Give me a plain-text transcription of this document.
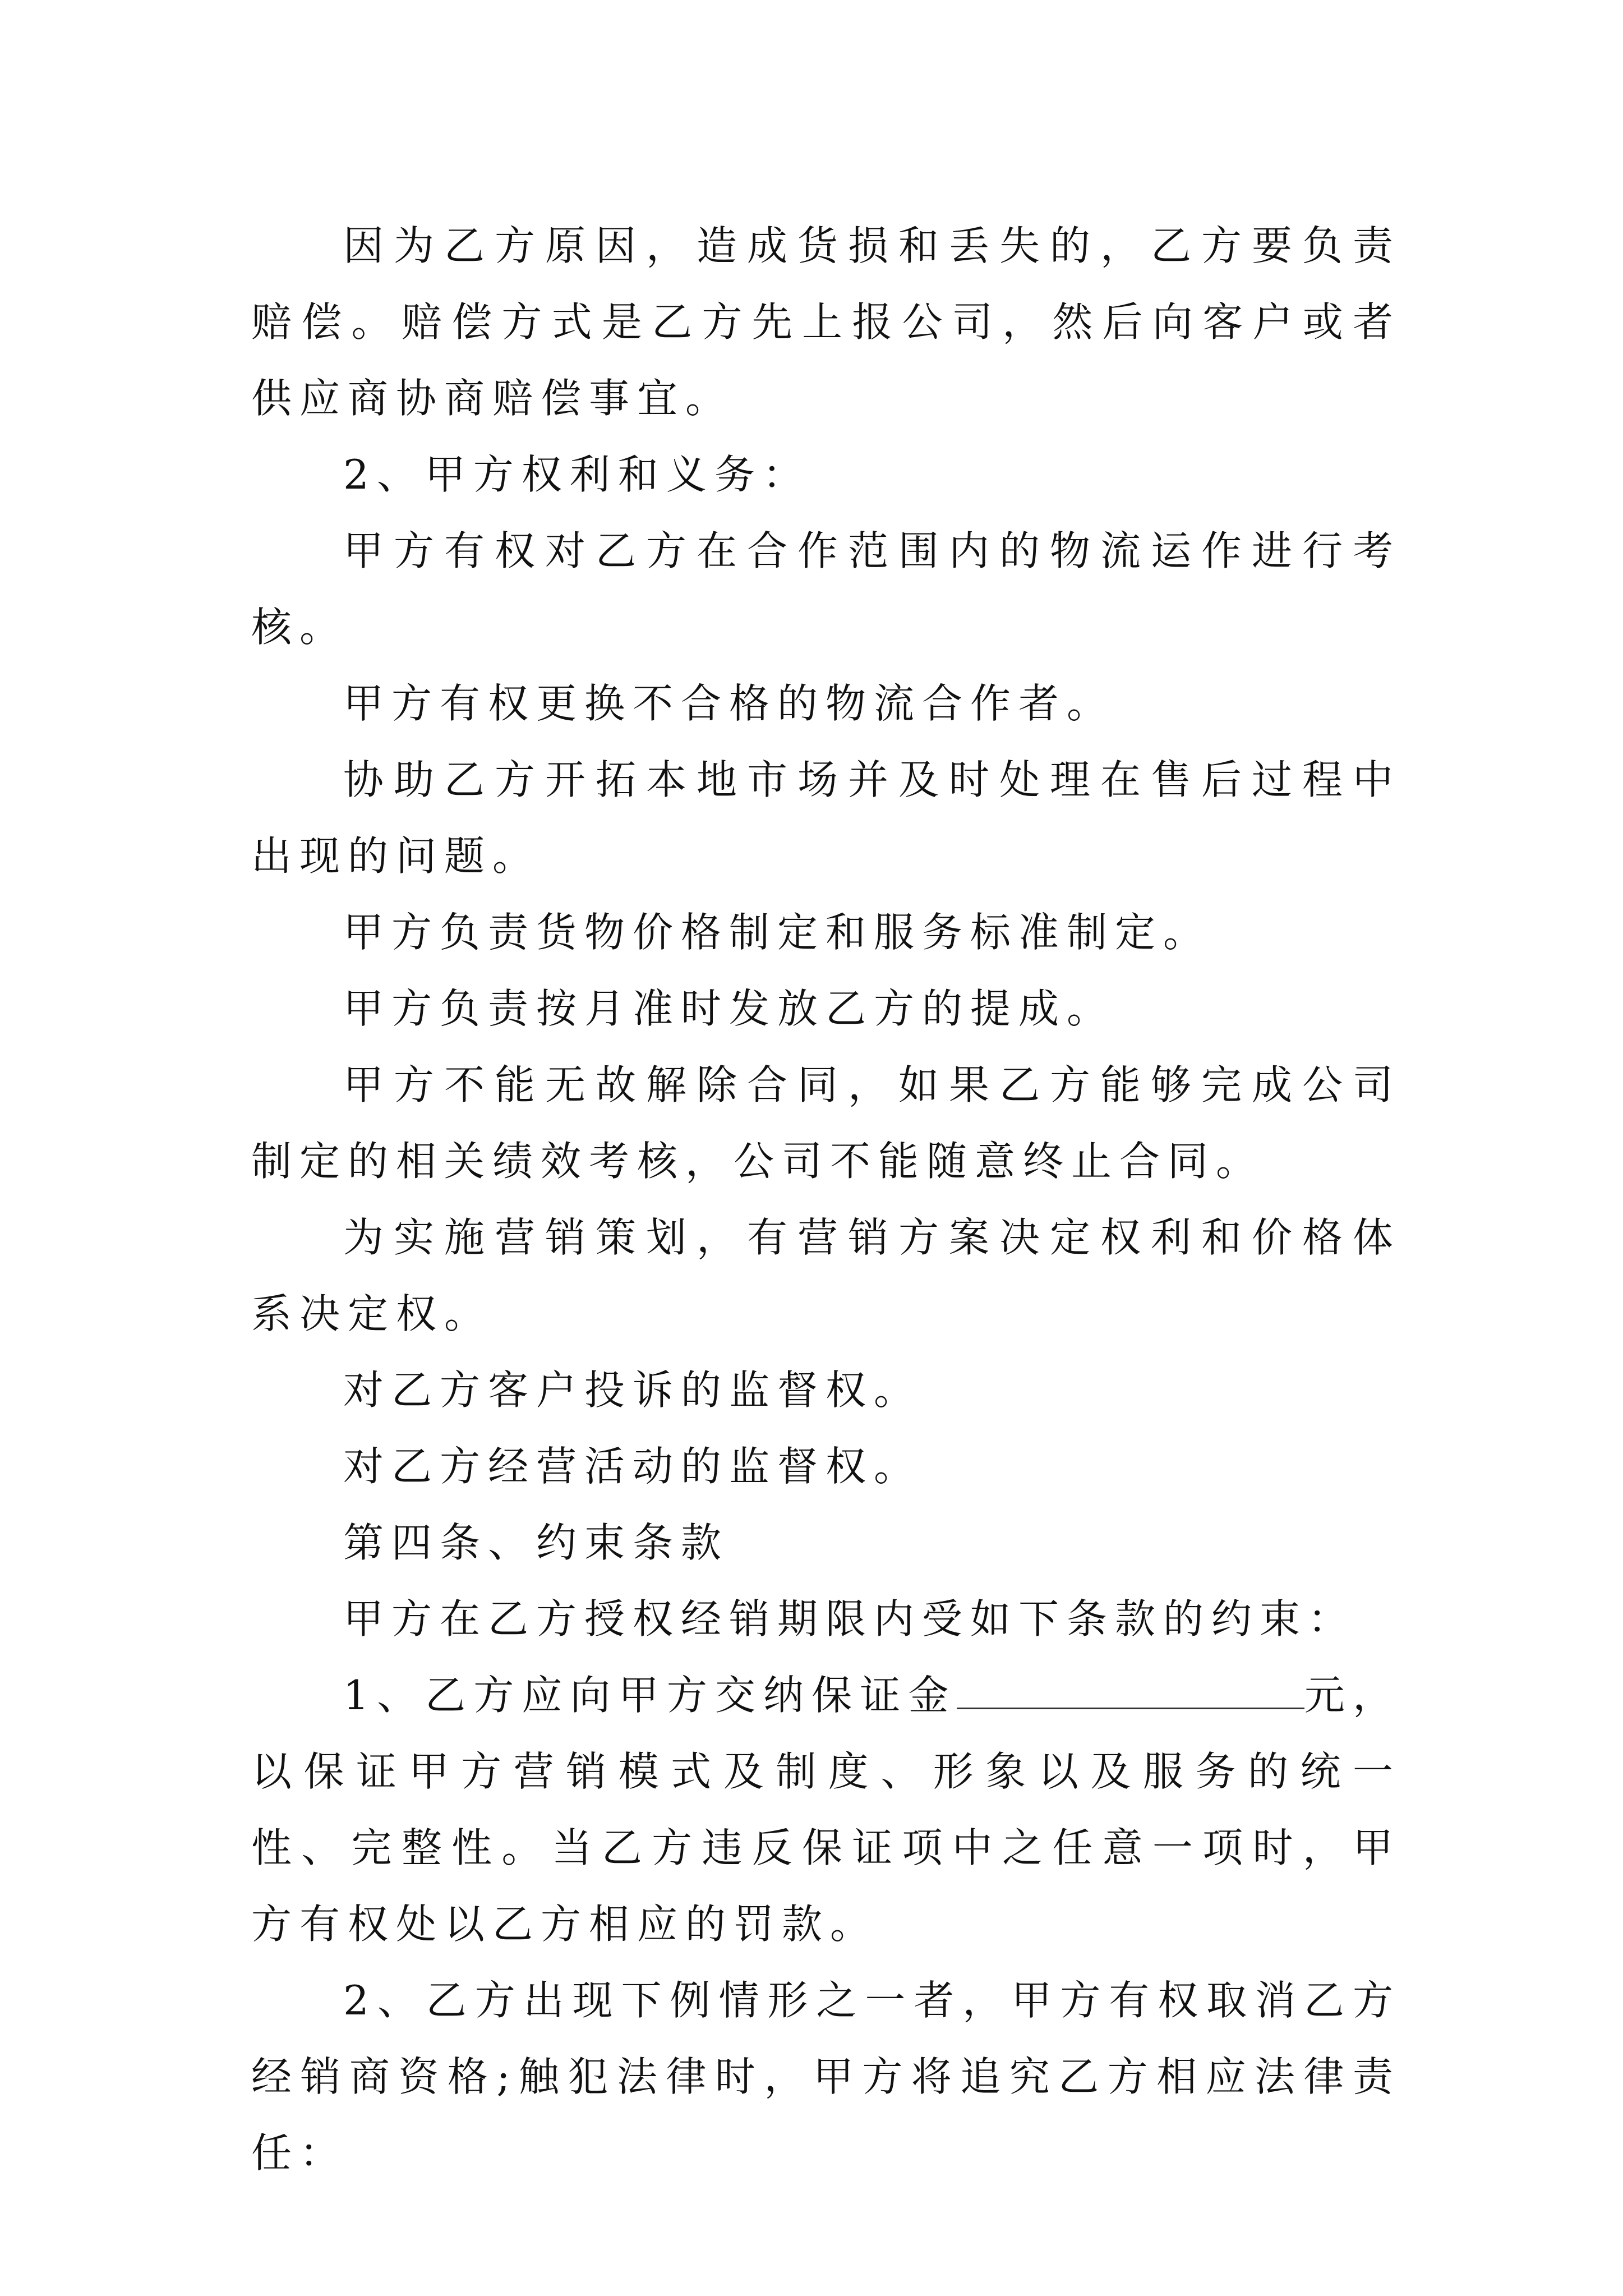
因为乙方原因，造成货损和丢失的，乙方要负责赔偿。赔偿方式是乙方先上报公司，然后向客户或者供应商协商赔偿事宜。

2、甲方权利和义务：

甲方有权对乙方在合作范围内的物流运作进行考核。

甲方有权更换不合格的物流合作者。

协助乙方开拓本地市场并及时处理在售后过程中出现的问题。

甲方负责货物价格制定和服务标准制定。

甲方负责按月准时发放乙方的提成。

甲方不能无故解除合同，如果乙方能够完成公司制定的相关绩效考核，公司不能随意终止合同。

为实施营销策划，有营销方案决定权利和价格体系决定权。

对乙方客户投诉的监督权。

对乙方经营活动的监督权。

第四条、约束条款

甲方在乙方授权经销期限内受如下条款的约束：

1、乙方应向甲方交纳保证金	元，以保证甲方营销模式及制度、形象以及服务的统一性、完整性。当乙方违反保证项中之任意一项时，甲方有权处以乙方相应的罚款。

2、乙方出现下例情形之一者，甲方有权取消乙方经销商资格;触犯法律时，甲方将追究乙方相应法律责任：
